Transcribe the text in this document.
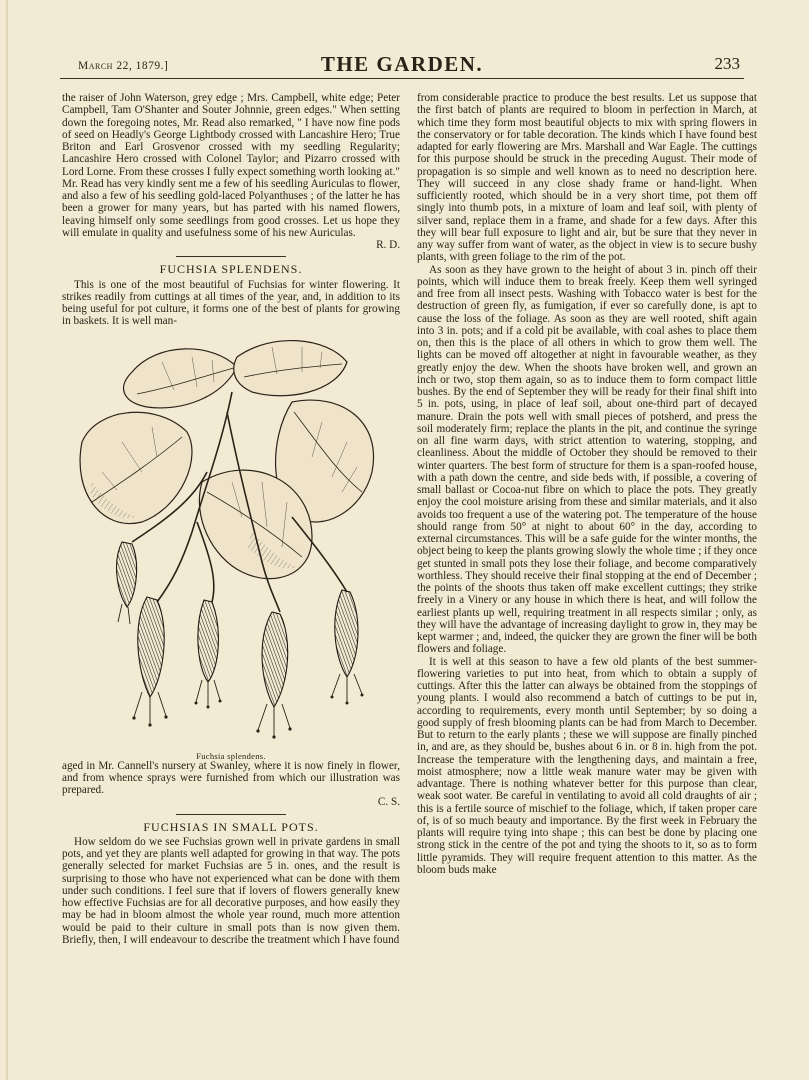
March 22, 1879.]	THE GARDEN.	233

the raiser of John Waterson, grey edge ; Mrs. Campbell, white edge; Peter Campbell, Tam O'Shanter and Souter Johnnie, green edges." When setting down the foregoing notes, Mr. Read also remarked, " I have now fine pods of seed on Headly's George Lightbody crossed with Lancashire Hero; True Briton and Earl Grosvenor crossed with my seedling Regularity; Lancashire Hero crossed with Colonel Taylor; and Pizarro crossed with Lord Lorne. From these crosses I fully expect something worth looking at." Mr. Read has very kindly sent me a few of his seedling Auriculas to flower, and also a few of his seedling gold-laced Polyanthuses ; of the latter he has been a grower for many years, but has parted with his named flowers, leaving himself only some seedlings from good crosses. Let us hope they will emulate in quality and usefulness some of his new Auriculas.

R. D.

FUCHSIA SPLENDENS.

This is one of the most beautiful of Fuchsias for winter flowering. It strikes readily from cuttings at all times of the year, and, in addition to its being useful for pot culture, it forms one of the best of plants for growing in baskets. It is well man-

Fuchsia splendens.

aged in Mr. Cannell's nursery at Swanley, where it is now finely in flower, and from whence sprays were furnished from which our illustration was prepared.

C. S.

FUCHSIAS IN SMALL POTS.

How seldom do we see Fuchsias grown well in private gardens in small pots, and yet they are plants well adapted for growing in that way. The pots generally selected for market Fuchsias are 5 in. ones, and the result is surprising to those who have not experienced what can be done with them under such conditions. I feel sure that if lovers of flowers generally knew how effective Fuchsias are for all decorative purposes, and how easily they may be had in bloom almost the whole year round, much more attention would be paid to their culture in small pots than is now given them. Briefly, then, I will endeavour to describe the treatment which I have found

from considerable practice to produce the best results. Let us suppose that the first batch of plants are required to bloom in perfection in March, at which time they form most beautiful objects to mix with spring flowers in the conservatory or for table decoration. The kinds which I have found best adapted for early flowering are Mrs. Marshall and War Eagle. The cuttings for this purpose should be struck in the preceding August. Their mode of propagation is so simple and well known as to need no description here. They will succeed in any close shady frame or hand-light. When sufficiently rooted, which should be in a very short time, pot them off singly into thumb pots, in a mixture of loam and leaf soil, with plenty of silver sand, replace them in a frame, and shade for a few days. After this they will bear full exposure to light and air, but be sure that they never in any way suffer from want of water, as the object in view is to secure bushy plants, with green foliage to the rim of the pot.

As soon as they have grown to the height of about 3 in. pinch off their points, which will induce them to break freely. Keep them well syringed and free from all insect pests. Washing with Tobacco water is best for the destruction of green fly, as fumigation, if ever so carefully done, is apt to cause the loss of the foliage. As soon as they are well rooted, shift again into 3 in. pots; and if a cold pit be available, with coal ashes to place them on, then this is the place of all others in which to grow them well. The lights can be moved off altogether at night in favourable weather, as they greatly enjoy the dew. When the shoots have broken well, and grown an inch or two, stop them again, so as to induce them to form compact little bushes. By the end of September they will be ready for their final shift into 5 in. pots, using, in place of leaf soil, about one-third part of decayed manure. Drain the pots well with small pieces of potsherd, and press the soil moderately firm; replace the plants in the pit, and continue the syringe on all fine warm days, with strict attention to watering, stopping, and cleanliness. About the middle of October they should be removed to their winter quarters. The best form of structure for them is a span-roofed house, with a path down the centre, and side beds with, if possible, a covering of small ballast or Cocoa-nut fibre on which to place the pots. They greatly enjoy the cool moisture arising from these and similar materials, and it also avoids too frequent a use of the watering pot. The temperature of the house should range from 50° at night to about 60° in the day, according to external circumstances. This will be a safe guide for the winter months, the object being to keep the plants growing slowly the whole time ; if they once get stunted in small pots they lose their foliage, and become comparatively worthless. They should receive their final stopping at the end of December ; the points of the shoots thus taken off make excellent cuttings; they strike freely in a Vinery or any house in which there is heat, and will follow the earliest plants up well, requiring treatment in all respects similar ; only, as they will have the advantage of increasing daylight to grow in, they may be kept warmer ; and, indeed, the quicker they are grown the finer will be both flowers and foliage.

It is well at this season to have a few old plants of the best summer-flowering varieties to put into heat, from which to obtain a supply of cuttings. After this the latter can always be obtained from the stoppings of young plants. I would also recommend a batch of cuttings to be put in, according to requirements, every month until September; by so doing a good supply of fresh blooming plants can be had from March to December. But to return to the early plants ; these we will suppose are finally pinched in, and are, as they should be, bushes about 6 in. or 8 in. high from the pot. Increase the temperature with the lengthening days, and maintain a free, moist atmosphere; now a little weak manure water may be given with advantage. There is nothing whatever better for this purpose than clear, weak soot water. Be careful in ventilating to avoid all cold draughts of air ; this is a fertile source of mischief to the foliage, which, if taken proper care of, is of so much beauty and importance. By the first week in February the plants will require tying into shape ; this can best be done by placing one strong stick in the centre of the pot and tying the shoots to it, so as to form little pyramids. They will require frequent attention to this matter. As the bloom buds make
